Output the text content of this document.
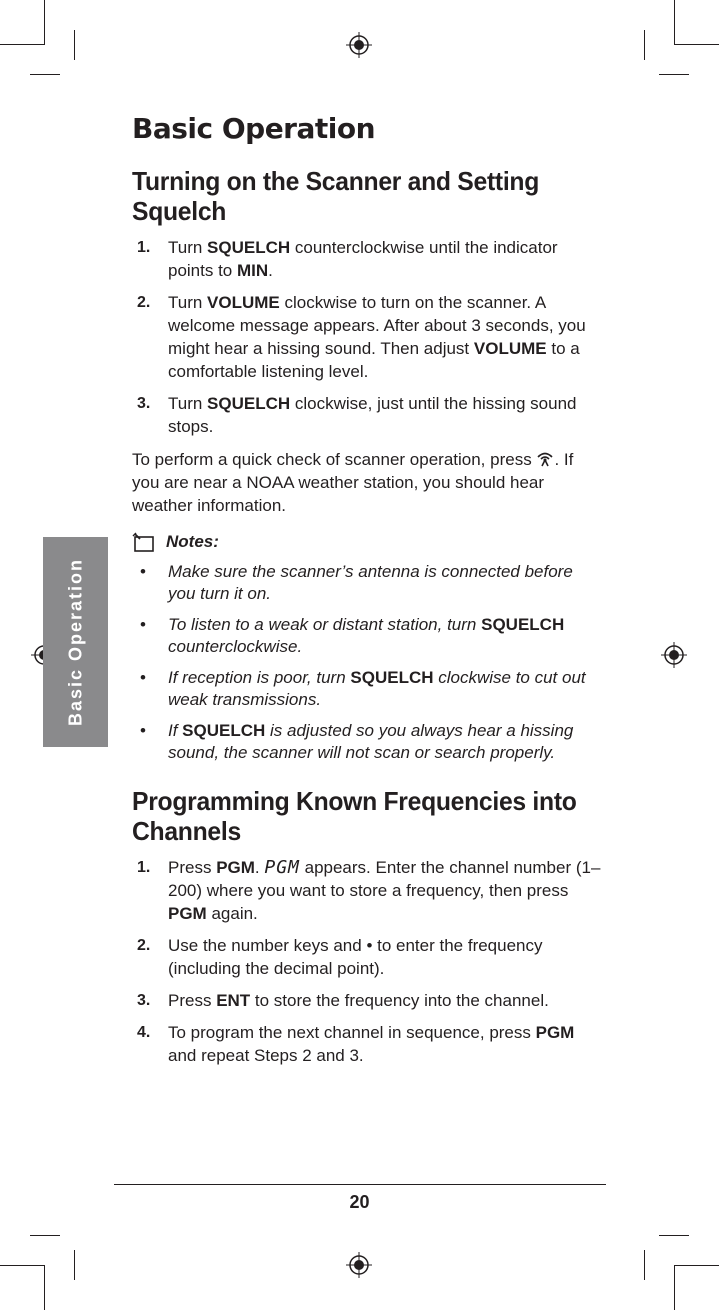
Basic Operation
Basic Operation
Turning on the Scanner and Setting Squelch
1. Turn SQUELCH counterclockwise until the indicator points to MIN.
2. Turn VOLUME clockwise to turn on the scanner. A welcome message appears. After about 3 seconds, you might hear a hissing sound. Then adjust VOLUME to a comfortable listening level.
3. Turn SQUELCH clockwise, just until the hissing sound stops.

To perform a quick check of scanner operation, press . If you are near a NOAA weather station, you should hear weather information.

Notes:
• Make sure the scanner’s antenna is connected before you turn it on.
• To listen to a weak or distant station, turn SQUELCH counterclockwise.
• If reception is poor, turn SQUELCH clockwise to cut out weak transmissions.
• If SQUELCH is adjusted so you always hear a hissing sound, the scanner will not scan or search properly.
Programming Known Frequencies into Channels
1. Press PGM. PGM appears. Enter the channel number (1–200) where you want to store a frequency, then press PGM again.
2. Use the number keys and • to enter the frequency (including the decimal point).
3. Press ENT to store the frequency into the channel.
4. To program the next channel in sequence, press PGM and repeat Steps 2 and 3.
20
